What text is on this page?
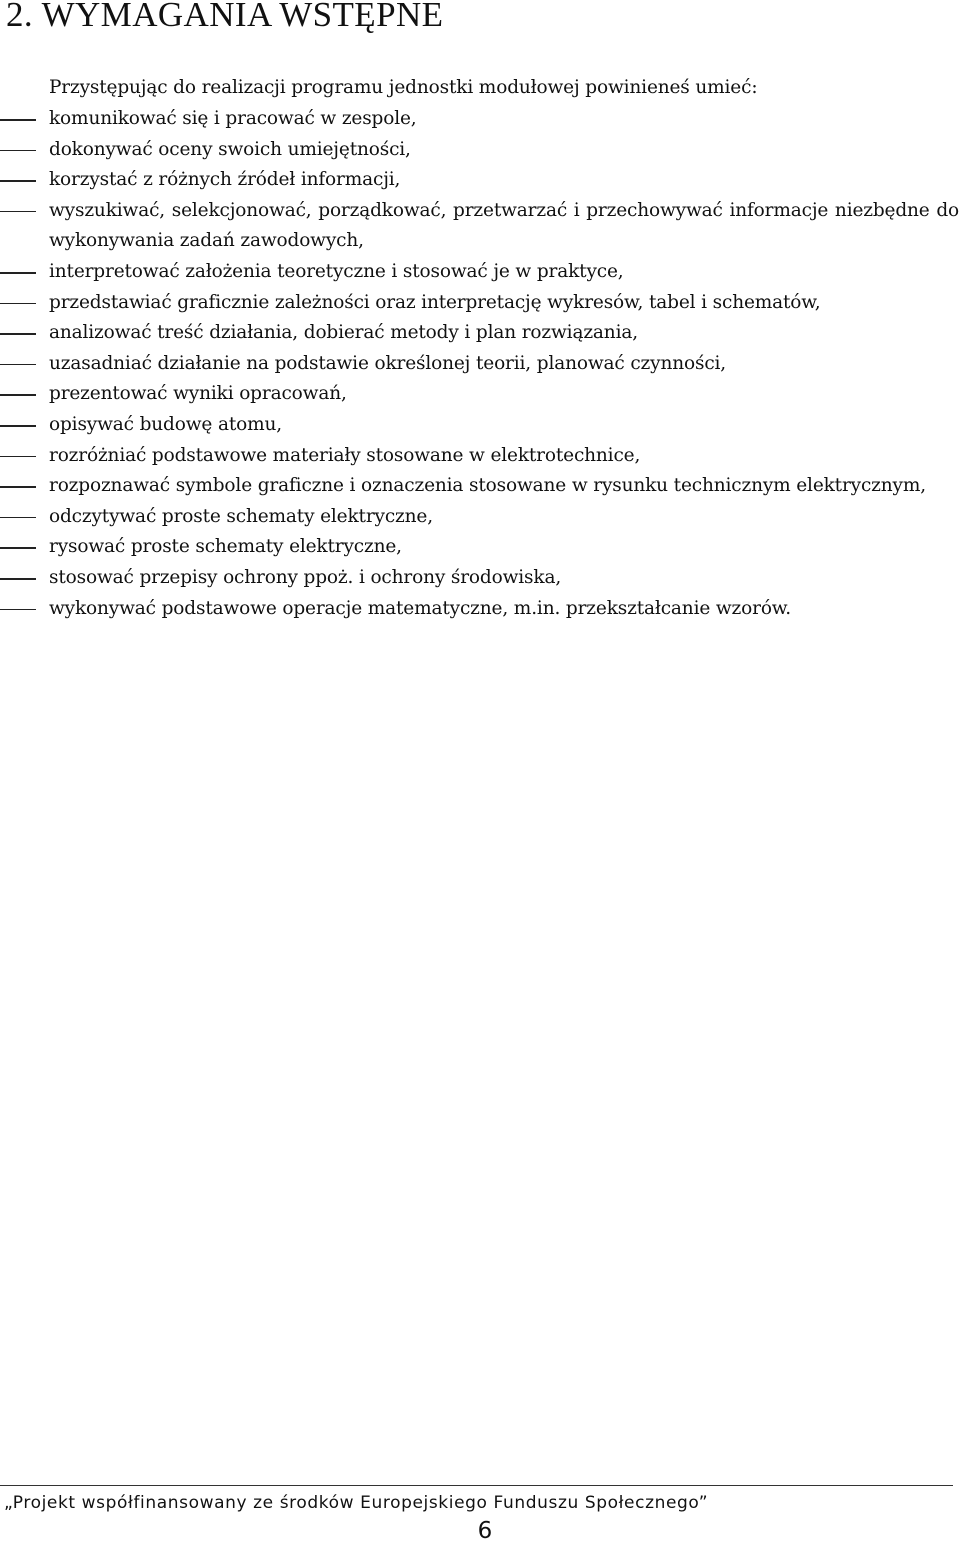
2. WYMAGANIA WSTĘPNE

Przystępując do realizacji programu jednostki modułowej powinieneś umieć:

komunikować się i pracować w zespole,
dokonywać oceny swoich umiejętności,
korzystać z różnych źródeł informacji,
wyszukiwać, selekcjonować, porządkować, przetwarzać i przechowywać informacje niezbędne do wykonywania zadań zawodowych,
interpretować założenia teoretyczne i stosować je w praktyce,
przedstawiać graficznie zależności oraz interpretację wykresów, tabel i schematów,
analizować treść działania, dobierać metody i plan rozwiązania,
uzasadniać działanie na podstawie określonej teorii, planować czynności,
prezentować wyniki opracowań,
opisywać budowę atomu,
rozróżniać podstawowe materiały stosowane w elektrotechnice,
rozpoznawać symbole graficzne i oznaczenia stosowane w rysunku technicznym elektrycznym,
odczytywać proste schematy elektryczne,
rysować proste schematy elektryczne,
stosować przepisy ochrony ppoż. i ochrony środowiska,
wykonywać podstawowe operacje matematyczne, m.in. przekształcanie wzorów.

„Projekt współfinansowany ze środków Europejskiego Funduszu Społecznego”

6
